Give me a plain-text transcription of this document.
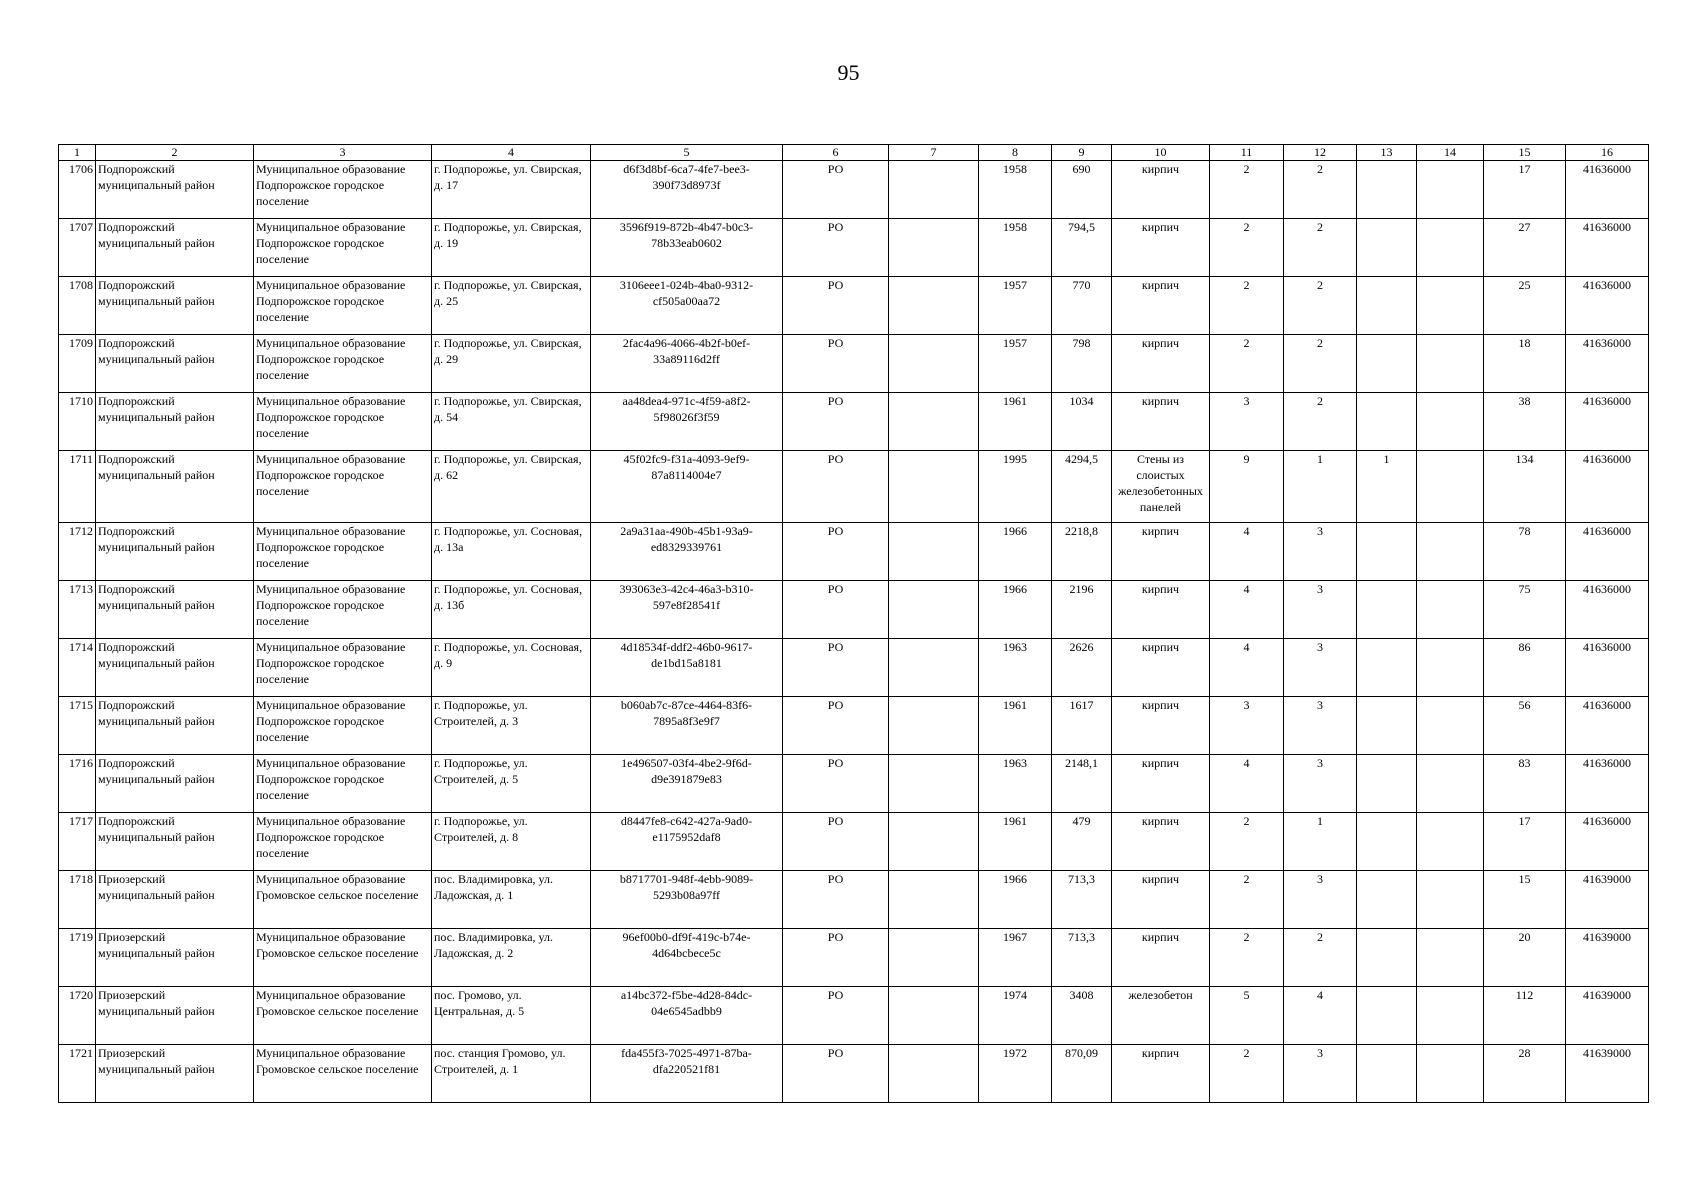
95
1	2	3	4	5	6	7	8	9	10	11	12	13	14	15	16
1706	Подпорожский муниципальный район	Муниципальное образование Подпорожское городское поселение	г. Подпорожье, ул. Свирская, д. 17	d6f3d8bf-6ca7-4fe7-bee3-390f73d8973f	РО		1958	690	кирпич	2	2			17	41636000
1707	Подпорожский муниципальный район	Муниципальное образование Подпорожское городское поселение	г. Подпорожье, ул. Свирская, д. 19	3596f919-872b-4b47-b0c3-78b33eab0602	РО		1958	794,5	кирпич	2	2			27	41636000
1708	Подпорожский муниципальный район	Муниципальное образование Подпорожское городское поселение	г. Подпорожье, ул. Свирская, д. 25	3106eee1-024b-4ba0-9312-cf505a00aa72	РО		1957	770	кирпич	2	2			25	41636000
1709	Подпорожский муниципальный район	Муниципальное образование Подпорожское городское поселение	г. Подпорожье, ул. Свирская, д. 29	2fac4a96-4066-4b2f-b0ef-33a89116d2ff	РО		1957	798	кирпич	2	2			18	41636000
1710	Подпорожский муниципальный район	Муниципальное образование Подпорожское городское поселение	г. Подпорожье, ул. Свирская, д. 54	aa48dea4-971c-4f59-a8f2-5f98026f3f59	РО		1961	1034	кирпич	3	2			38	41636000
1711	Подпорожский муниципальный район	Муниципальное образование Подпорожское городское поселение	г. Подпорожье, ул. Свирская, д. 62	45f02fc9-f31a-4093-9ef9-87a8114004e7	РО		1995	4294,5	Стены из слоистых железобетонных панелей	9	1	1		134	41636000
1712	Подпорожский муниципальный район	Муниципальное образование Подпорожское городское поселение	г. Подпорожье, ул. Сосновая, д. 13а	2a9a31aa-490b-45b1-93a9-ed8329339761	РО		1966	2218,8	кирпич	4	3			78	41636000
1713	Подпорожский муниципальный район	Муниципальное образование Подпорожское городское поселение	г. Подпорожье, ул. Сосновая, д. 13б	393063e3-42c4-46a3-b310-597e8f28541f	РО		1966	2196	кирпич	4	3			75	41636000
1714	Подпорожский муниципальный район	Муниципальное образование Подпорожское городское поселение	г. Подпорожье, ул. Сосновая, д. 9	4d18534f-ddf2-46b0-9617-de1bd15a8181	РО		1963	2626	кирпич	4	3			86	41636000
1715	Подпорожский муниципальный район	Муниципальное образование Подпорожское городское поселение	г. Подпорожье, ул. Строителей, д. 3	b060ab7c-87ce-4464-83f6-7895a8f3e9f7	РО		1961	1617	кирпич	3	3			56	41636000
1716	Подпорожский муниципальный район	Муниципальное образование Подпорожское городское поселение	г. Подпорожье, ул. Строителей, д. 5	1e496507-03f4-4be2-9f6d-d9e391879e83	РО		1963	2148,1	кирпич	4	3			83	41636000
1717	Подпорожский муниципальный район	Муниципальное образование Подпорожское городское поселение	г. Подпорожье, ул. Строителей, д. 8	d8447fe8-c642-427a-9ad0-e1175952daf8	РО		1961	479	кирпич	2	1			17	41636000
1718	Приозерский муниципальный район	Муниципальное образование Громовское сельское поселение	пос. Владимировка, ул. Ладожская, д. 1	b8717701-948f-4ebb-9089-5293b08a97ff	РО		1966	713,3	кирпич	2	3			15	41639000
1719	Приозерский муниципальный район	Муниципальное образование Громовское сельское поселение	пос. Владимировка, ул. Ладожская, д. 2	96ef00b0-df9f-419c-b74e-4d64bcbece5c	РО		1967	713,3	кирпич	2	2			20	41639000
1720	Приозерский муниципальный район	Муниципальное образование Громовское сельское поселение	пос. Громово, ул. Центральная, д. 5	a14bc372-f5be-4d28-84dc-04e6545adbb9	РО		1974	3408	железобетон	5	4			112	41639000
1721	Приозерский муниципальный район	Муниципальное образование Громовское сельское поселение	пос. станция Громово, ул. Строителей, д. 1	fda455f3-7025-4971-87ba-dfa220521f81	РО		1972	870,09	кирпич	2	3			28	41639000
